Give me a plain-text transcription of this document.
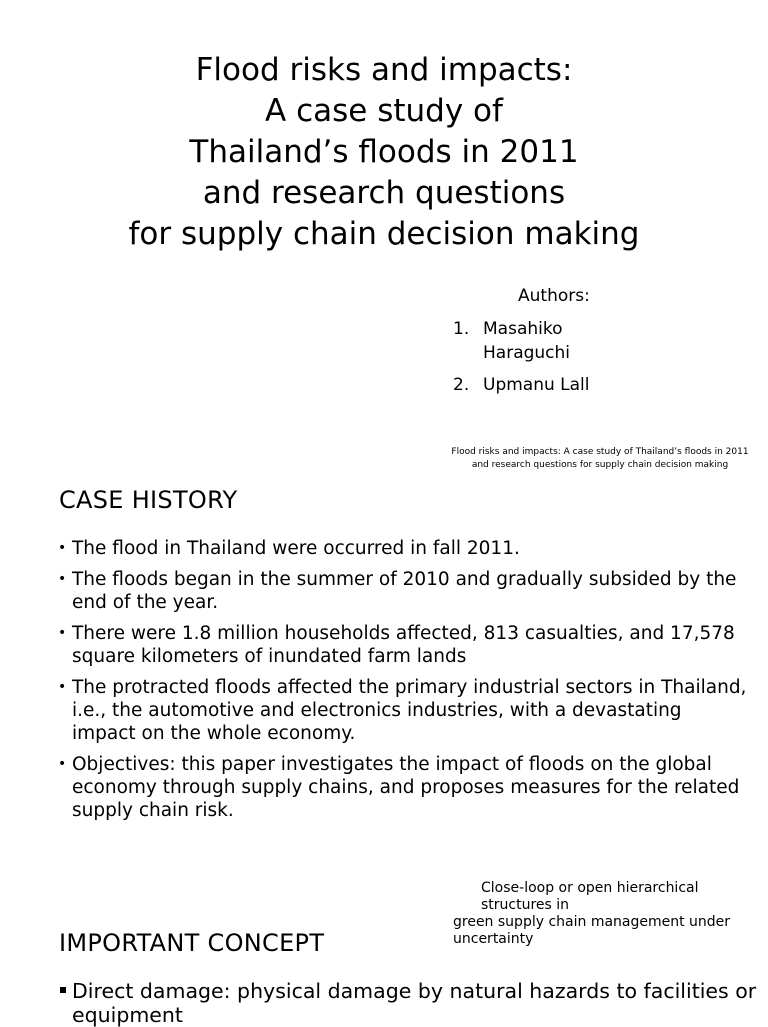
Flood risks and impacts:
A case study of
Thailand’s floods in 2011
and research questions
for supply chain decision making
Authors:
1. Masahiko Haraguchi
2. Upmanu Lall
Flood risks and impacts: A case study of Thailand’s floods in 2011
and research questions for supply chain decision making
CASE HISTORY
• The flood in Thailand were occurred in fall 2011.
• The floods began in the summer of 2010 and gradually subsided by the end of the year.
• There were 1.8 million households affected, 813 casualties, and 17,578 square kilometers of inundated farm lands
• The protracted floods affected the primary industrial sectors in Thailand, i.e., the automotive and electronics industries, with a devastating impact on the whole economy.
• Objectives: this paper investigates the impact of floods on the global economy through supply chains, and proposes measures for the related supply chain risk.
Close-loop or open hierarchical structures in
green supply chain management under uncertainty
IMPORTANT CONCEPT
Direct damage: physical damage by natural hazards to facilities or equipment
